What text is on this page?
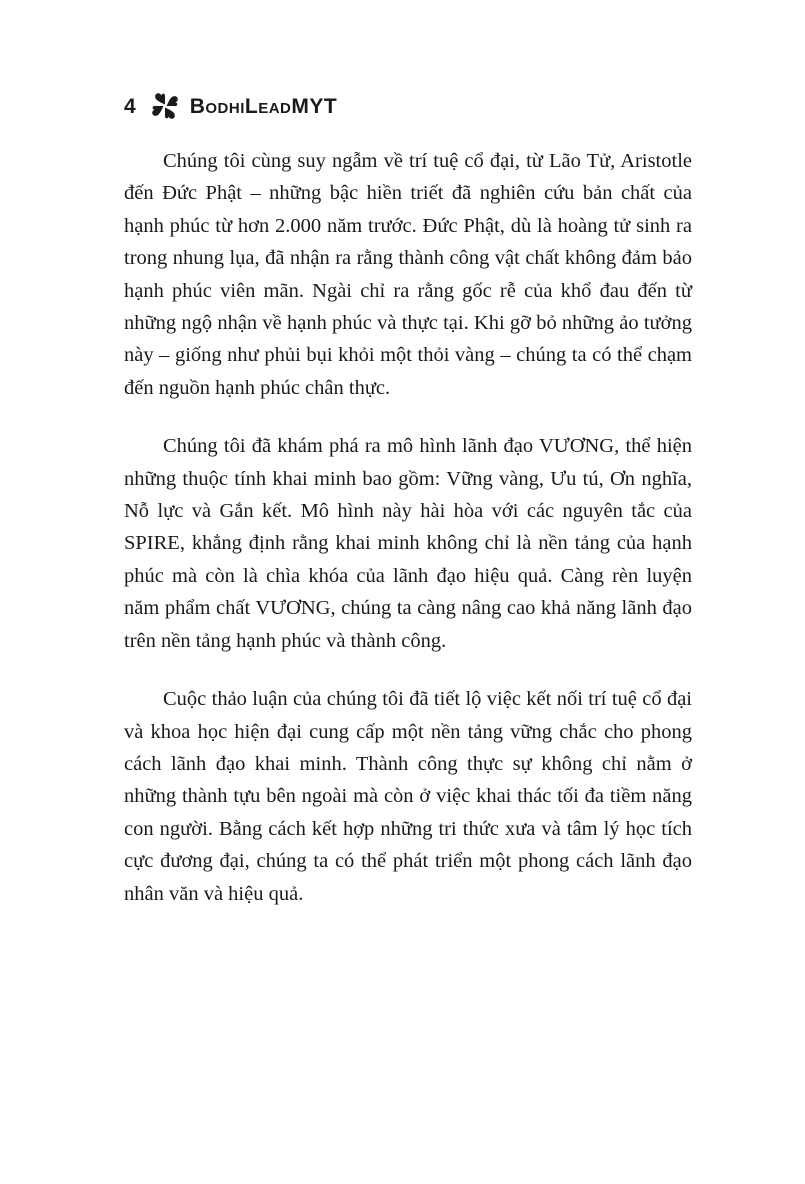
4	BODHILEADMYT

Chúng tôi cùng suy ngẫm về trí tuệ cổ đại, từ Lão Tử, Aristotle đến Đức Phật – những bậc hiền triết đã nghiên cứu bản chất của hạnh phúc từ hơn 2.000 năm trước. Đức Phật, dù là hoàng tử sinh ra trong nhung lụa, đã nhận ra rằng thành công vật chất không đảm bảo hạnh phúc viên mãn. Ngài chỉ ra rằng gốc rễ của khổ đau đến từ những ngộ nhận về hạnh phúc và thực tại. Khi gỡ bỏ những ảo tưởng này – giống như phủi bụi khỏi một thỏi vàng – chúng ta có thể chạm đến nguồn hạnh phúc chân thực.

Chúng tôi đã khám phá ra mô hình lãnh đạo VƯƠNG, thể hiện những thuộc tính khai minh bao gồm: Vững vàng, Ưu tú, Ơn nghĩa, Nỗ lực và Gắn kết. Mô hình này hài hòa với các nguyên tắc của SPIRE, khẳng định rằng khai minh không chỉ là nền tảng của hạnh phúc mà còn là chìa khóa của lãnh đạo hiệu quả. Càng rèn luyện năm phẩm chất VƯƠNG, chúng ta càng nâng cao khả năng lãnh đạo trên nền tảng hạnh phúc và thành công.

Cuộc thảo luận của chúng tôi đã tiết lộ việc kết nối trí tuệ cổ đại và khoa học hiện đại cung cấp một nền tảng vững chắc cho phong cách lãnh đạo khai minh. Thành công thực sự không chỉ nằm ở những thành tựu bên ngoài mà còn ở việc khai thác tối đa tiềm năng con người. Bằng cách kết hợp những tri thức xưa và tâm lý học tích cực đương đại, chúng ta có thể phát triển một phong cách lãnh đạo nhân văn và hiệu quả.
